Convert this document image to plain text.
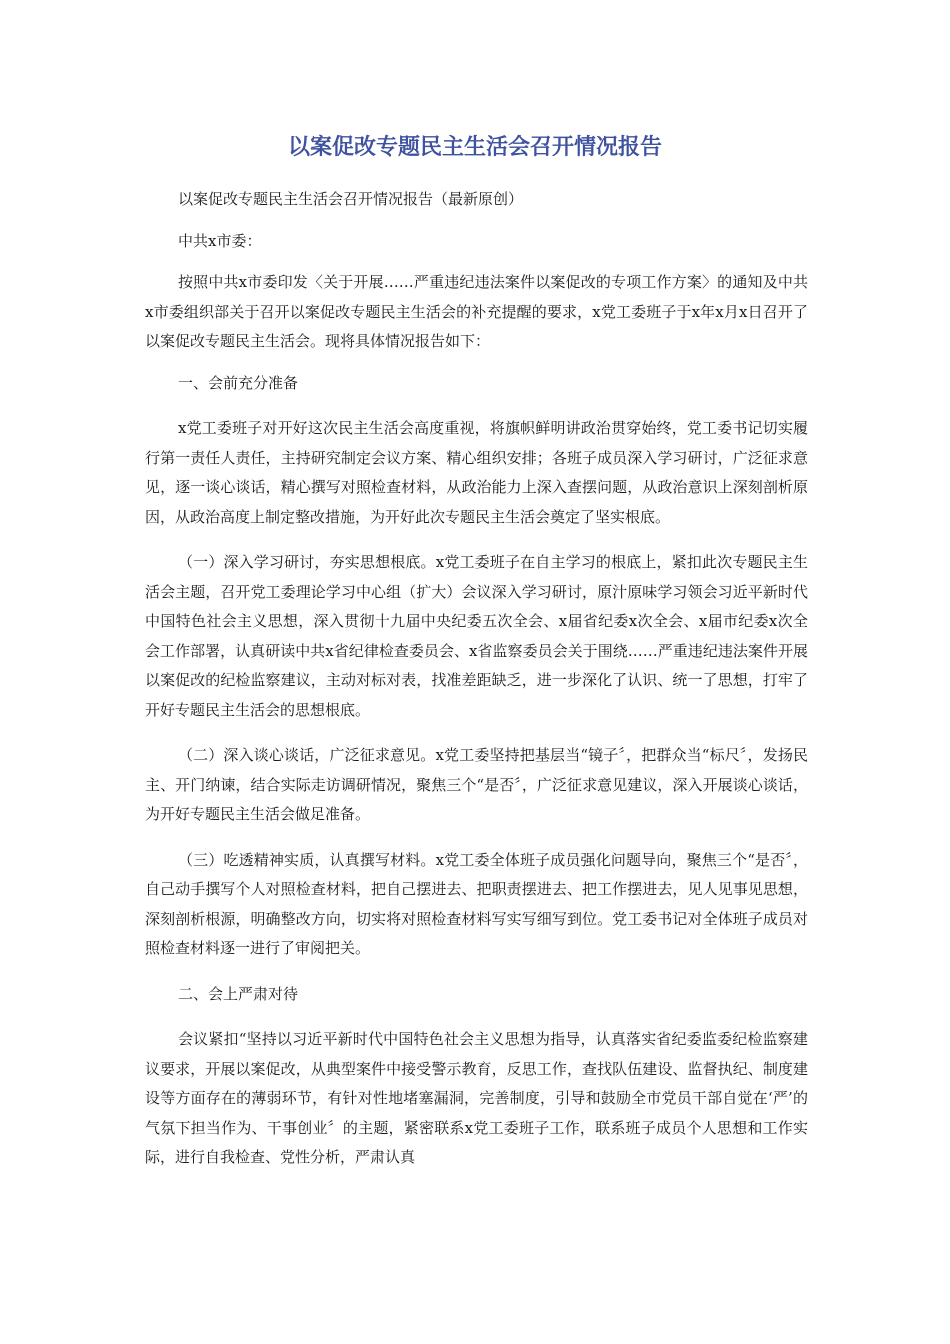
以案促改专题民主生活会召开情况报告

以案促改专题民主生活会召开情况报告（最新原创）

中共x市委：

按照中共x市委印发〈关于开展……严重违纪违法案件以案促改的专项工作方案〉的通知及中共x市委组织部关于召开以案促改专题民主生活会的补充提醒的要求，x党工委班子于x年x月x日召开了以案促改专题民主生活会。现将具体情况报告如下：

一、会前充分准备

x党工委班子对开好这次民主生活会高度重视，将旗帜鲜明讲政治贯穿始终，党工委书记切实履行第一责任人责任，主持研究制定会议方案、精心组织安排；各班子成员深入学习研讨，广泛征求意见，逐一谈心谈话，精心撰写对照检查材料，从政治能力上深入查摆问题，从政治意识上深刻剖析原因，从政治高度上制定整改措施，为开好此次专题民主生活会奠定了坚实根底。

（一）深入学习研讨，夯实思想根底。x党工委班子在自主学习的根底上，紧扣此次专题民主生活会主题，召开党工委理论学习中心组（扩大）会议深入学习研讨，原汁原味学习领会习近平新时代中国特色社会主义思想，深入贯彻十九届中央纪委五次全会、x届省纪委x次全会、x届市纪委x次全会工作部署，认真研读中共x省纪律检查委员会、x省监察委员会关于围绕……严重违纪违法案件开展以案促改的纪检监察建议，主动对标对表，找准差距缺乏，进一步深化了认识、统一了思想，打牢了开好专题民主生活会的思想根底。

（二）深入谈心谈话，广泛征求意见。x党工委坚持把基层当“镜子〞，把群众当“标尺〞，发扬民主、开门纳谏，结合实际走访调研情况，聚焦三个“是否〞，广泛征求意见建议，深入开展谈心谈话，为开好专题民主生活会做足准备。

（三）吃透精神实质，认真撰写材料。x党工委全体班子成员强化问题导向，聚焦三个“是否〞，自己动手撰写个人对照检查材料，把自己摆进去、把职责摆进去、把工作摆进去，见人见事见思想，深刻剖析根源，明确整改方向，切实将对照检查材料写实写细写到位。党工委书记对全体班子成员对照检查材料逐一进行了审阅把关。

二、会上严肃对待

会议紧扣“坚持以习近平新时代中国特色社会主义思想为指导，认真落实省纪委监委纪检监察建议要求，开展以案促改，从典型案件中接受警示教育，反思工作，查找队伍建设、监督执纪、制度建设等方面存在的薄弱环节，有针对性地堵塞漏洞，完善制度，引导和鼓励全市党员干部自觉在‘严’的气氛下担当作为、干事创业〞的主题，紧密联系x党工委班子工作，联系班子成员个人思想和工作实际，进行自我检查、党性分析，严肃认真
